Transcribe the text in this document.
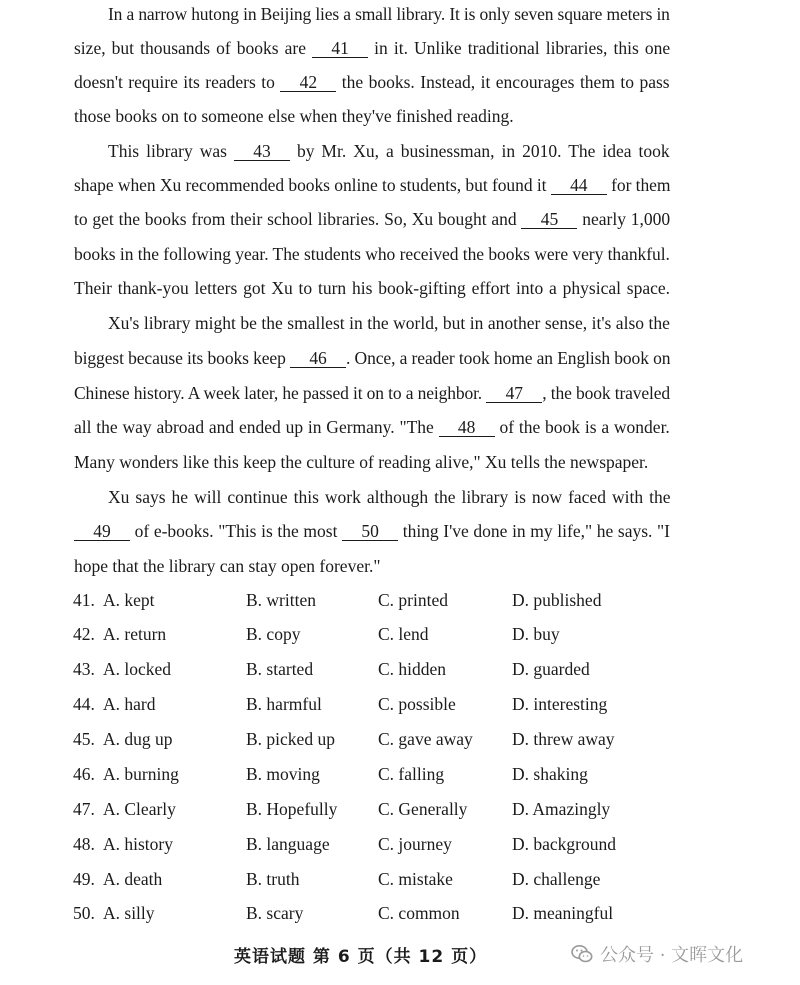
In a narrow hutong in Beijing lies a small library. It is only seven square meters in
size, but thousands of books are 41 in it. Unlike traditional libraries, this one
doesn't require its readers to 42 the books. Instead, it encourages them to pass
those books on to someone else when they've finished reading.
This library was 43 by Mr. Xu, a businessman, in 2010. The idea took
shape when Xu recommended books online to students, but found it 44 for them
to get the books from their school libraries. So, Xu bought and 45 nearly 1,000
books in the following year. The students who received the books were very thankful.
Their thank-you letters got Xu to turn his book-gifting effort into a physical space.
Xu's library might be the smallest in the world, but in another sense, it's also the
biggest because its books keep 46 . Once, a reader took home an English book on
Chinese history. A week later, he passed it on to a neighbor. 47 , the book traveled
all the way abroad and ended up in Germany. "The 48 of the book is a wonder.
Many wonders like this keep the culture of reading alive," Xu tells the newspaper.
Xu says he will continue this work although the library is now faced with the
49 of e-books. "This is the most 50 thing I've done in my life," he says. "I
hope that the library can stay open forever."
41. A. kept	B. written	C. printed	D. published
42. A. return	B. copy	C. lend	D. buy
43. A. locked	B. started	C. hidden	D. guarded
44. A. hard	B. harmful	C. possible	D. interesting
45. A. dug up	B. picked up C. gave away D. threw away
46. A. burning	B. moving	C. falling	D. shaking
47. A. Clearly	B. Hopefully C. Generally	D. Amazingly
48. A. history	B. language	C. journey	D. background
49. A. death	B. truth	C. mistake	D. challenge
50. A. silly	B. scary	C. common	D. meaningful
英语试题 第 6 页（共 12 页）	公众号 · 文晖文化
